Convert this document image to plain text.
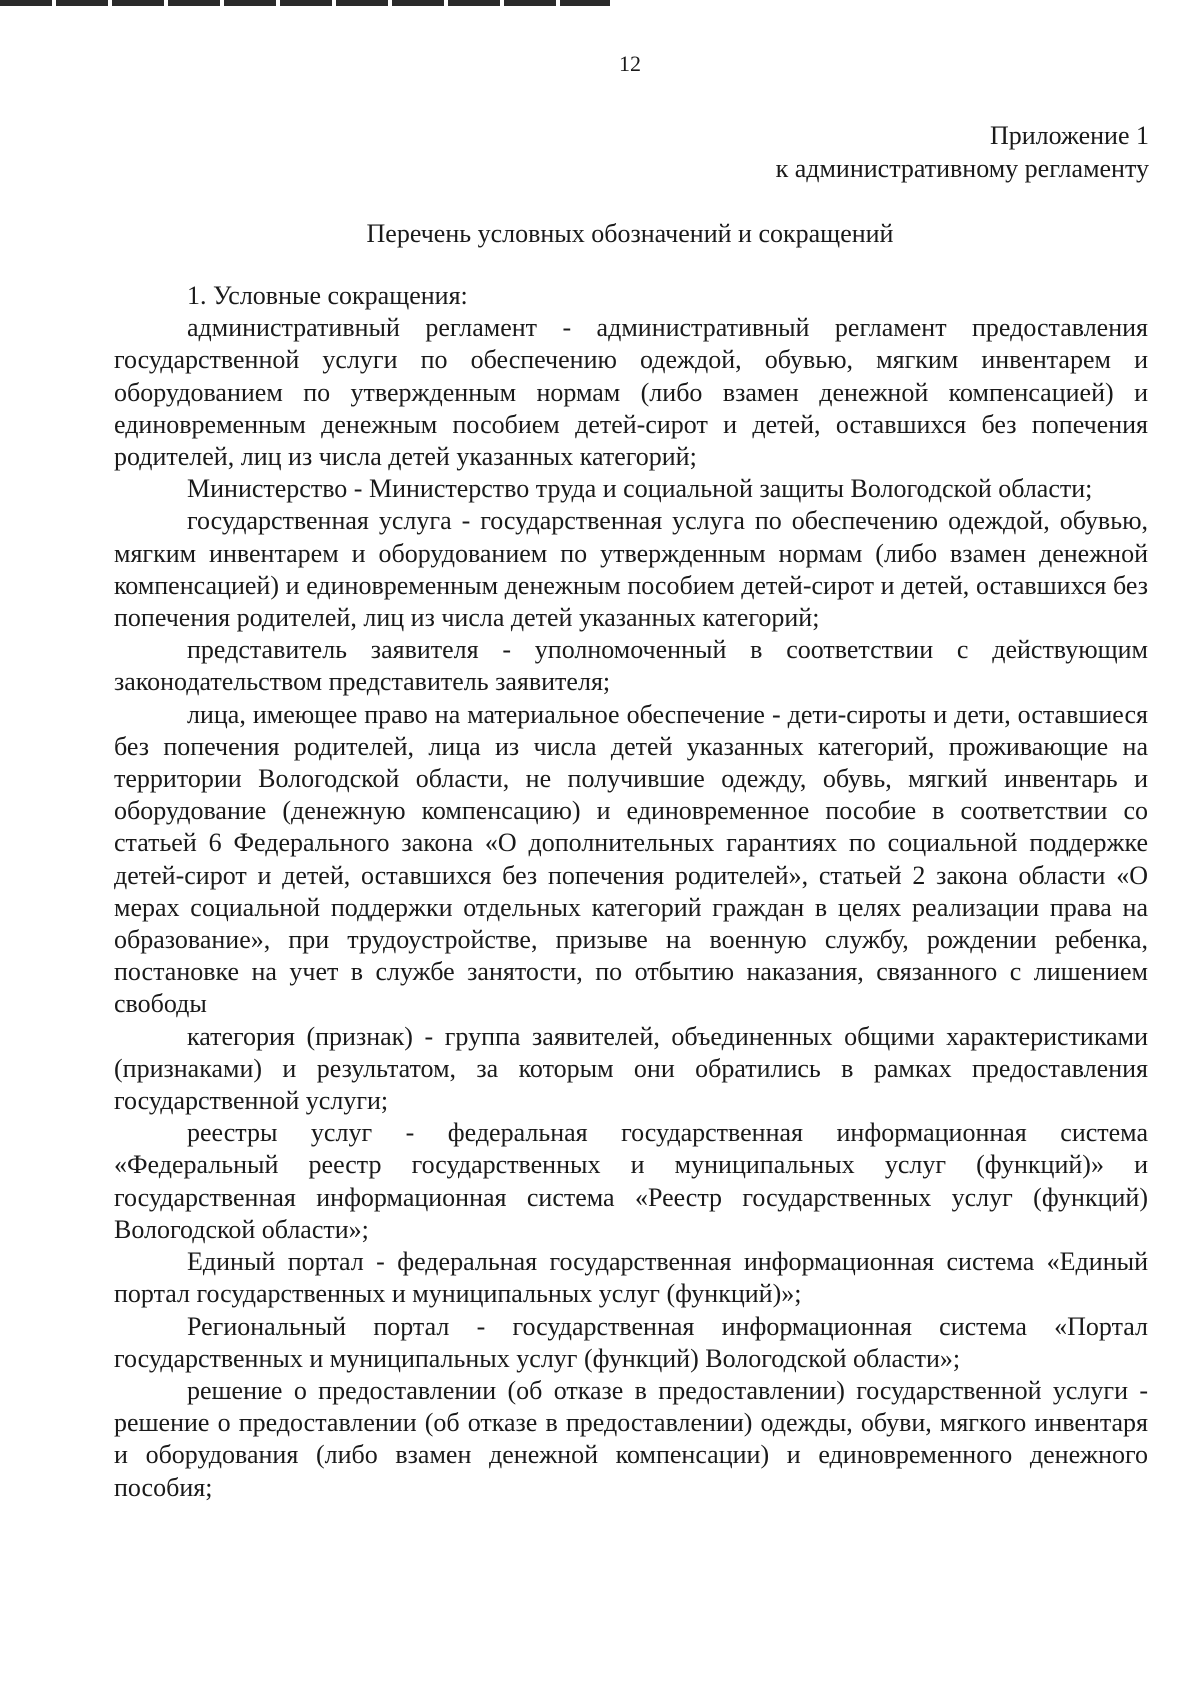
12
Приложение 1
к административному регламенту
Перечень условных обозначений и сокращений
1. Условные сокращения:

административный регламент - административный регламент предоставления государственной услуги по обеспечению одеждой, обувью, мягким инвентарем и оборудованием по утвержденным нормам (либо взамен денежной компенсацией) и единовременным денежным пособием детей-сирот и детей, оставшихся без попечения родителей, лиц из числа детей указанных категорий;

Министерство - Министерство труда и социальной защиты Вологодской области;

государственная услуга - государственная услуга по обеспечению одеждой, обувью, мягким инвентарем и оборудованием по утвержденным нормам (либо взамен денежной компенсацией) и единовременным денежным пособием детей-сирот и детей, оставшихся без попечения родителей, лиц из числа детей указанных категорий;

представитель заявителя - уполномоченный в соответствии с действующим законодательством представитель заявителя;

лица, имеющее право на материальное обеспечение - дети-сироты и дети, оставшиеся без попечения родителей, лица из числа детей указанных категорий, проживающие на территории Вологодской области, не получившие одежду, обувь, мягкий инвентарь и оборудование (денежную компенсацию) и единовременное пособие в соответствии со статьей 6 Федерального закона «О дополнительных гарантиях по социальной поддержке детей-сирот и детей, оставшихся без попечения родителей», статьей 2 закона области «О мерах социальной поддержки отдельных категорий граждан в целях реализации права на образование», при трудоустройстве, призыве на военную службу, рождении ребенка, постановке на учет в службе занятости, по отбытию наказания, связанного с лишением свободы

категория (признак) - группа заявителей, объединенных общими характеристиками (признаками) и результатом, за которым они обратились в рамках предоставления государственной услуги;

реестры услуг - федеральная государственная информационная система «Федеральный реестр государственных и муниципальных услуг (функций)» и государственная информационная система «Реестр государственных услуг (функций) Вологодской области»;

Единый портал - федеральная государственная информационная система «Единый портал государственных и муниципальных услуг (функций)»;

Региональный портал - государственная информационная система «Портал государственных и муниципальных услуг (функций) Вологодской области»;

решение о предоставлении (об отказе в предоставлении) государственной услуги - решение о предоставлении (об отказе в предоставлении) одежды, обуви, мягкого инвентаря и оборудования (либо взамен денежной компенсации) и единовременного денежного пособия;
